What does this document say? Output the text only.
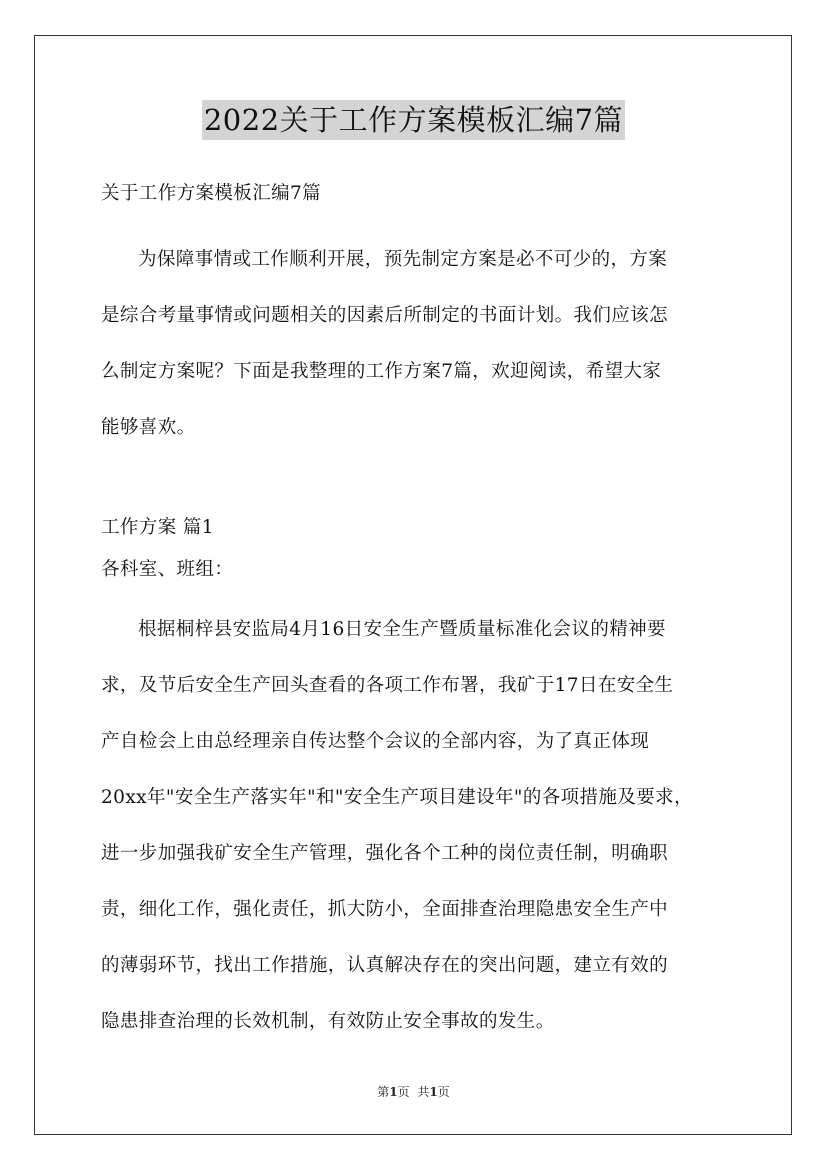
2022关于工作方案模板汇编7篇
关于工作方案模板汇编7篇

为保障事情或工作顺利开展，预先制定方案是必不可少的，方案

是综合考量事情或问题相关的因素后所制定的书面计划。我们应该怎

么制定方案呢？下面是我整理的工作方案7篇，欢迎阅读，希望大家

能够喜欢。

工作方案 篇1
各科室、班组：

根据桐梓县安监局4月16日安全生产暨质量标准化会议的精神要

求，及节后安全生产回头查看的各项工作布署，我矿于17日在安全生

产自检会上由总经理亲自传达整个会议的全部内容，为了真正体现

20xx年"安全生产落实年"和"安全生产项目建设年"的各项措施及要求，

进一步加强我矿安全生产管理，强化各个工种的岗位责任制，明确职

责，细化工作，强化责任，抓大防小，全面排查治理隐患安全生产中

的薄弱环节，找出工作措施，认真解决存在的突出问题，建立有效的

隐患排查治理的长效机制，有效防止安全事故的发生。

第1页 共1页
